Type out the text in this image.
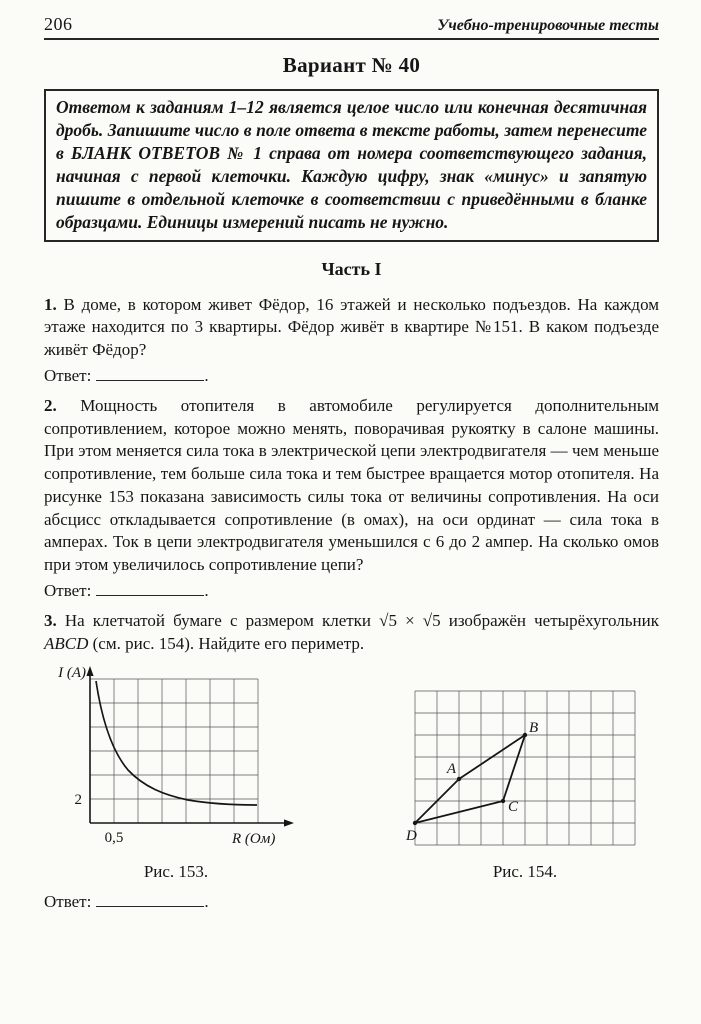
206	Учебно-тренировочные тесты
Вариант № 40
Ответом к заданиям 1–12 является целое число или конечная десятичная дробь. Запишите число в поле ответа в тексте работы, затем перенесите в БЛАНК ОТВЕТОВ № 1 справа от номера соответствующего задания, начиная с первой клеточки. Каждую цифру, знак «минус» и запятую пишите в отдельной клеточке в соответствии с приведёнными в бланке образцами. Единицы измерений писать не нужно.
Часть I

1. В доме, в котором живет Фёдор, 16 этажей и несколько подъездов. На каждом этаже находится по 3 квартиры. Фёдор живёт в квартире №151. В каком подъезде живёт Фёдор?

Ответ:	.

2. Мощность отопителя в автомобиле регулируется дополнительным сопротивлением, которое можно менять, поворачивая рукоятку в салоне машины. При этом меняется сила тока в электрической цепи электродвигателя — чем меньше сопротивление, тем больше сила тока и тем быстрее вращается мотор отопителя. На рисунке 153 показана зависимость силы тока от величины сопротивления. На оси абсцисс откладывается сопротивление (в омах), на оси ординат — сила тока в амперах. Ток в цепи электродвигателя уменьшился с 6 до 2 ампер. На сколько омов при этом увеличилось сопротивление цепи?

Ответ:	.

3. На клетчатой бумаге с размером клетки √5 × √5 изображён четырёхугольник ABCD (см. рис. 154). Найдите его периметр.

I (A)
R (Ом)
2
0,5
Рис. 153.
A
B
C
D
Рис. 154.
Ответ:	.
